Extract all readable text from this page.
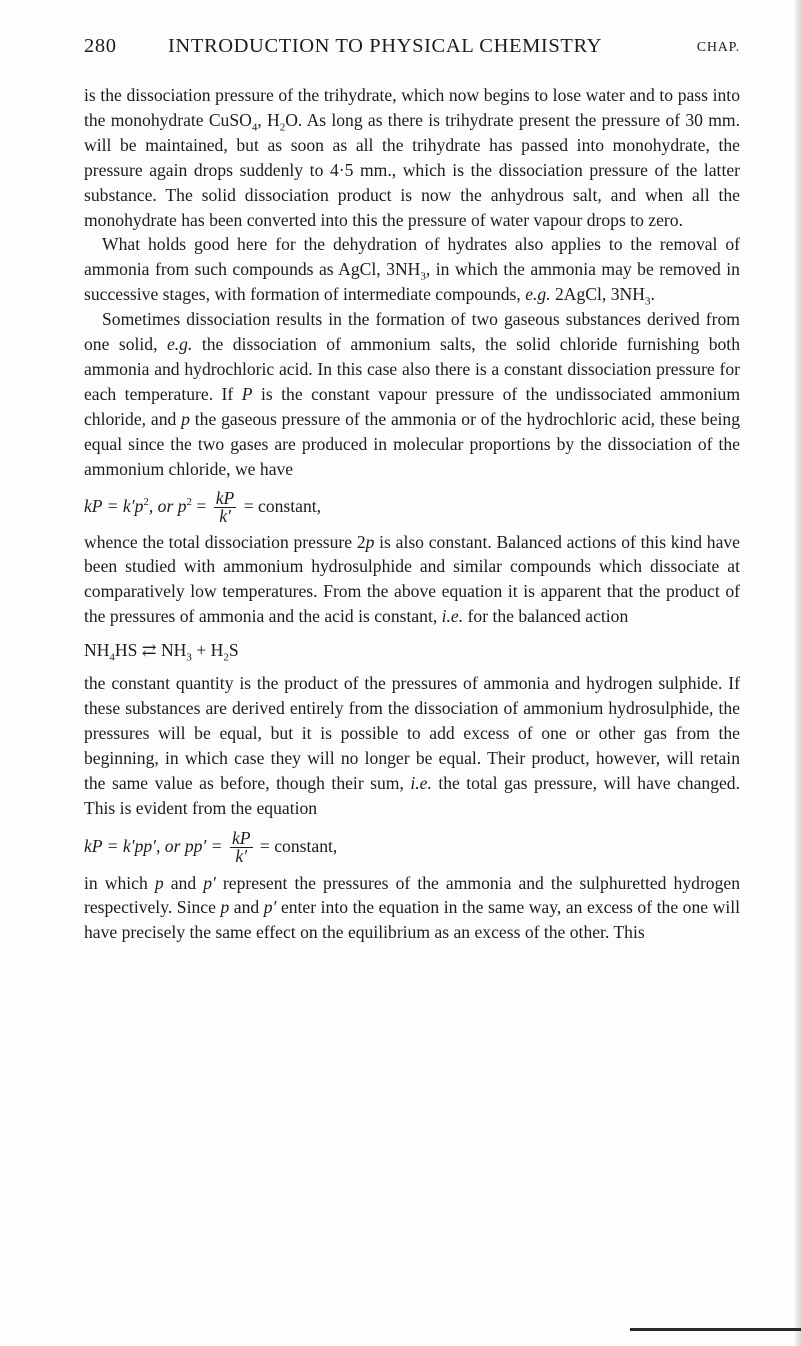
280	INTRODUCTION TO PHYSICAL CHEMISTRY	CHAP.

is the dissociation pressure of the trihydrate, which now begins to lose water and to pass into the monohydrate CuSO$_4$, $H_2O$. As long as there is trihydrate present the pressure of 30 mm. will be maintained, but as soon as all the trihydrate has passed into monohydrate, the pressure again drops suddenly to 4·5 mm., which is the dissociation pressure of the latter substance. The solid dissociation product is now the anhydrous salt, and when all the monohydrate has been converted into this the pressure of water vapour drops to zero.

What holds good here for the dehydration of hydrates also applies to the removal of ammonia from such compounds as AgCl, $3NH_3$, in which the ammonia may be removed in successive stages, with formation of intermediate compounds, e.g. 2AgCl, $3NH_3$.

Sometimes dissociation results in the formation of two gaseous substances derived from one solid, e.g. the dissociation of ammonium salts, the solid chloride furnishing both ammonia and hydrochloric acid. In this case also there is a constant dissociation pressure for each temperature. If P is the constant vapour pressure of the undissociated ammonium chloride, and p the gaseous pressure of the ammonia or of the hydrochloric acid, these being equal since the two gases are produced in molecular proportions by the dissociation of the ammonium chloride, we have

kP = $k'p^2$, or $p^2 = \frac{kP}{k'}$ = constant,

whence the total dissociation pressure 2p is also constant. Balanced actions of this kind have been studied with ammonium hydrosulphide and similar compounds which dissociate at comparatively low temperatures. From the above equation it is apparent that the product of the pressures of ammonia and the acid is constant, i.e. for the balanced action

$NH_4HS$ ⇄ $NH_3 + H_2S$

the constant quantity is the product of the pressures of ammonia and hydrogen sulphide. If these substances are derived entirely from the dissociation of ammonium hydrosulphide, the pressures will be equal, but it is possible to add excess of one or other gas from the beginning, in which case they will no longer be equal. Their product, however, will retain the same value as before, though their sum, i.e. the total gas pressure, will have changed. This is evident from the equation

kP = k′pp′, or $pp' = \frac{kP}{k'}$ = constant,

in which p and p′ represent the pressures of the ammonia and the sulphuretted hydrogen respectively. Since p and p′ enter into the equation in the same way, an excess of the one will have precisely the same effect on the equilibrium as an excess of the other. This
